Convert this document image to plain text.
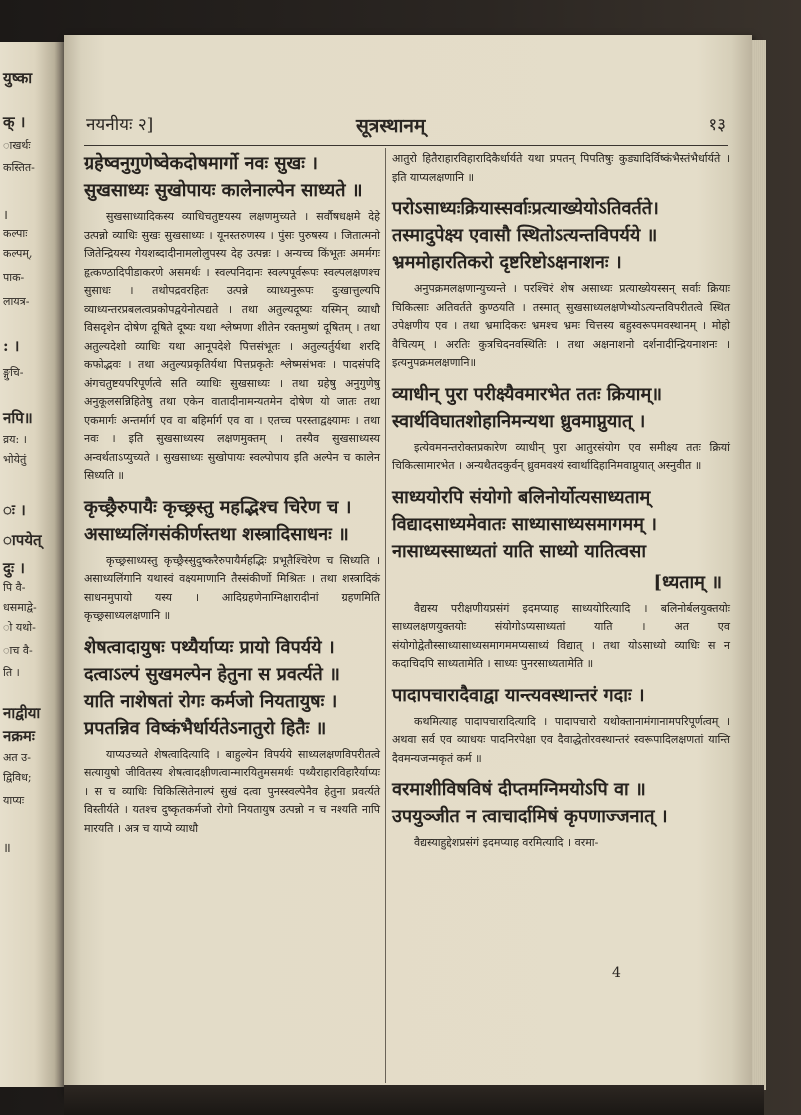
युष्का
क् ।
ाखर्थः
कस्तित-
।
कल्पाः
कल्पम्,
पाक-
लायत्र-
: ।
ङ्गुचि-
नपि॥
व्रय: ।
भोयेतुं
ः ।
ापयेत्
दुः ।
पि वै-
धसमाद्वे-
ो यथो-
ाच वै-
ति ।
नाद्वीया
नक्रमः
अत उ-
द्विविध;
याप्यः
॥
नयनीयः २]	सूत्रस्थानम्	१३
ग्रहेष्वनुगुणेष्वेकदोषमार्गो नवः सुखः ।
सुखसाध्यः सुखोपायः कालेनाल्पेन साध्यते ॥

सुखसाध्यादिकस्य व्याधिचतुष्टयस्य लक्षणमुच्यते । सर्वौषधक्षमे देहे उत्पन्नो व्याधिः सुखः सुखसाध्यः । यूनस्तरुणस्य । पुंसः पुरुषस्य । जितात्मनो जितेन्द्रियस्य गेयशब्दादीनामलोलुपस्य देह उत्पन्नः । अन्यच्च किंभूतः अमर्मगः हृत्कण्ठादिपीडाकरणे असमर्थः । स्वल्पनिदानः स्वल्पपूर्वरूपः स्वल्पलक्षणश्च सुसाधः । तथोपद्रवरहितः उत्पन्ने व्याध्यनुरूपः दुःखात्तुल्यपि व्याध्यन्तरप्रबलत्वप्रकोपद्वयेनोत्पद्यते । तथा अतुल्यदूष्यः यस्मिन् व्याधौ विसदृशेन दोषेण दूषिते दूष्यः यथा श्लेष्मणा शीतेन रक्तमुष्णं दूषितम् । तथा अतुल्यदेशो व्याधिः यथा आनूपदेशे पित्तसंभूतः । अतुल्यर्तुर्यथा शरदि कफोद्भवः । तथा अतुल्यप्रकृतिर्यथा पित्तप्रकृतेः श्लेष्मसंभवः । पादसंपदि अंगचतुष्टयपरिपूर्णत्वे सति व्याधिः सुखसाध्यः । तथा ग्रहेषु अनुगुणेषु अनुकूलसन्निहितेषु तथा एकेन वातादीनामन्यतमेन दोषेण यो जातः तथा एकमार्गः अन्तर्मार्ग एव वा बहिर्मार्ग एव वा । एतच्च परस्ताद्वक्ष्यामः । तथा नवः । इति सुखसाध्यस्य लक्षणमुक्तम् । तस्यैव सुखसाध्यस्य अन्वर्थताऽप्युच्यते । सुखसाध्यः सुखोपायः स्वल्पोपाय इति अल्पेन च कालेन सिध्यति ॥

कृच्छ्रैरुपायैः कृच्छ्रस्तु महद्भिश्च चिरेण च ।
असाध्यलिंगसंकीर्णस्तथा शस्त्रादिसाधनः ॥

कृच्छ्रसाध्यस्तु कृच्छ्रैस्सुदुष्करैरुपायैर्महद्भिः प्रभूतैश्चिरेण च सिध्यति । असाध्यलिंगानि यथास्वं वक्ष्यमाणानि तैस्संकीर्णो मिश्रितः । तथा शस्त्रादिकं साधनमुपायो यस्य । आदिग्रहणेनाग्निक्षारादीनां ग्रहणमिति कृच्छ्रसाध्यलक्षणानि ॥

शेषत्वादायुषः पथ्यैर्याप्यः प्रायो विपर्यये ।
दत्वाऽल्पं सुखमल्पेन हेतुना स प्रवर्त्यते ॥
याति नाशेषतां रोगः कर्मजो नियतायुषः ।
प्रपतन्निव विष्कंभैर्धार्यतेऽनातुरो हितैः ॥

याप्यउच्यते शेषत्वादित्यादि । बाहुल्येन विपर्यये साध्यलक्षणविपरीतत्वे सत्यायुषो जीवितस्य शेषत्वादक्षीणत्वान्मारयितुमसमर्थः पथ्यैराहारविहारैर्याप्यः । स च व्याधिः चिकित्सितेनाल्पं सुखं दत्वा पुनस्स्वल्पेनैव हेतुना प्रवर्त्यते विस्तीर्यते । यतश्च दुष्कृतकर्मजो रोगो नियतायुष उत्पन्नो न च नश्यति नापि मारयति । अत्र च याप्ये व्याधौ

आतुरो हितैराहारविहारादिकैर्धार्यते यथा प्रपतन् पिपतिषुः कुड्यादिर्विष्कंभैस्तंभैर्धार्यते । इति याप्यलक्षणानि ॥

परोऽसाध्यःक्रियास्सर्वाःप्रत्याख्येयोऽतिवर्तते।
तस्मादुपेक्ष्य एवासौ स्थितोऽत्यन्तविपर्यये ॥
भ्रममोहारतिकरो दृष्टरिष्टोऽक्षनाशनः ।

अनुपक्रमलक्षणान्युच्यन्ते । परश्चिरं शेष असाध्यः प्रत्याख्येयस्सन् सर्वाः क्रियाः चिकित्साः अतिवर्तते कुण्ठयति । तस्मात् सुखसाध्यलक्षणेभ्योऽत्यन्तविपरीतत्वे स्थित उपेक्षणीय एव । तथा भ्रमादिकरः भ्रमश्च भ्रमः चित्तस्य बहुस्वरूपमवस्थानम् । मोहो वैचित्यम् । अरतिः कुत्रचिदनवस्थितिः । तथा अक्षनाशनो दर्शनादीन्द्रियनाशनः । इत्यनुपक्रमलक्षणानि॥

व्याधीन् पुरा परीक्ष्यैवमारभेत ततः क्रियाम्॥
स्वार्थविघातशोहानिमन्यथा ध्रुवमाप्नुयात् ।

इत्येवमनन्तरोक्तप्रकारेण व्याधीन् पुरा आतुरसंयोग एव समीक्ष्य ततः क्रियां चिकित्सामारभेत । अन्यथैतदकुर्वन् ध्रुवमवश्यं स्वार्थादिहानिमवाप्नुयात् अस्नुवीत ॥

साध्ययोरपि संयोगो बलिनोर्योत्यसाध्यताम्
विद्यादसाध्यमेवातः साध्यासाध्यसमागमम् ।
नासाध्यस्साध्यतां याति साध्यो यातित्वसा
[ध्यताम् ॥

वैद्यस्य परीक्षणीयप्रसंगं इदमप्याह साध्ययोरित्यादि । बलिनोर्बलयुक्तयोः साध्यलक्षणयुक्तयोः संयोगोऽप्यसाध्यतां याति । अत एव संयोगोद्वेतौस्साध्यासाध्यसमागममप्यसाध्यं विद्यात् । तथा योऽसाध्यो व्याधिः स न कदाचिदपि साध्यतामेति । साध्यः पुनरसाध्यतामेति ॥

पादापचारादैवाद्वा यान्त्यवस्थान्तरं गदाः ।

कथमित्याह पादापचारादित्यादि । पादापचारो यथोक्तानामंगानामपरिपूर्णत्वम् । अथवा सर्व एव व्याधयः पादनिरपेक्षा एव दैवाद्धेतोरवस्थान्तरं स्वरूपादिलक्षणतां यान्ति दैवमन्यजन्मकृतं कर्म ॥

वरमाशीविषविषं दीप्तमग्निमयोऽपि वा ॥
उपयुञ्जीत न त्वाचार्दामिषं कृपणाज्जनात् ।

वैद्यस्याहुद्देशप्रसंगं इदमप्याह वरमित्यादि । वरमा-

4
